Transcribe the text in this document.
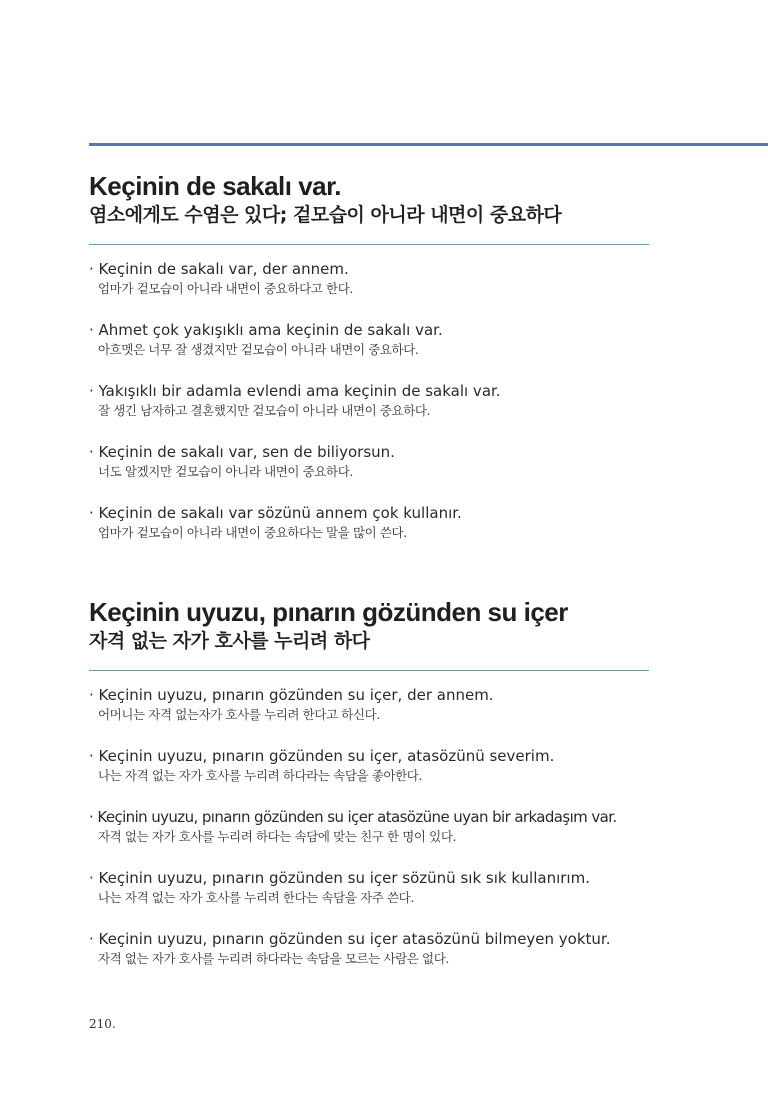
Keçinin de sakalı var.
염소에게도 수염은 있다; 겉모습이 아니라 내면이 중요하다
· Keçinin de sakalı var, der annem.
엄마가 겉모습이 아니라 내면이 중요하다고 한다.
· Ahmet çok yakışıklı ama keçinin de sakalı var.
아흐멧은 너무 잘 생겼지만 겉모습이 아니라 내면이 중요하다.
· Yakışıklı bir adamla evlendi ama keçinin de sakalı var.
잘 생긴 남자하고 결혼했지만 겉모습이 아니라 내면이 중요하다.
· Keçinin de sakalı var, sen de biliyorsun.
너도 알겠지만 겉모습이 아니라 내면이 중요하다.
· Keçinin de sakalı var sözünü annem çok kullanır.
엄마가 겉모습이 아니라 내면이 중요하다는 말을 많이 쓴다.
Keçinin uyuzu, pınarın gözünden su içer
자격 없는 자가 호사를 누리려 하다
· Keçinin uyuzu, pınarın gözünden su içer, der annem.
어머니는 자격 없는자가 호사를 누리려 한다고 하신다.
· Keçinin uyuzu, pınarın gözünden su içer, atasözünü severim.
나는 자격 없는 자가 호사를 누리려 하다라는 속담을 좋아한다.
· Keçinin uyuzu, pınarın gözünden su içer atasözüne uyan bir arkadaşım var.
자격 없는 자가 호사를 누리려 하다는 속담에 맞는 친구 한 명이 있다.
· Keçinin uyuzu, pınarın gözünden su içer sözünü sık sık kullanırım.
나는 자격 없는 자가 호사를 누리려 한다는 속담을 자주 쓴다.
· Keçinin uyuzu, pınarın gözünden su içer atasözünü bilmeyen yoktur.
자격 없는 자가 호사를 누리려 하다라는 속담을 모르는 사람은 없다.
210.
